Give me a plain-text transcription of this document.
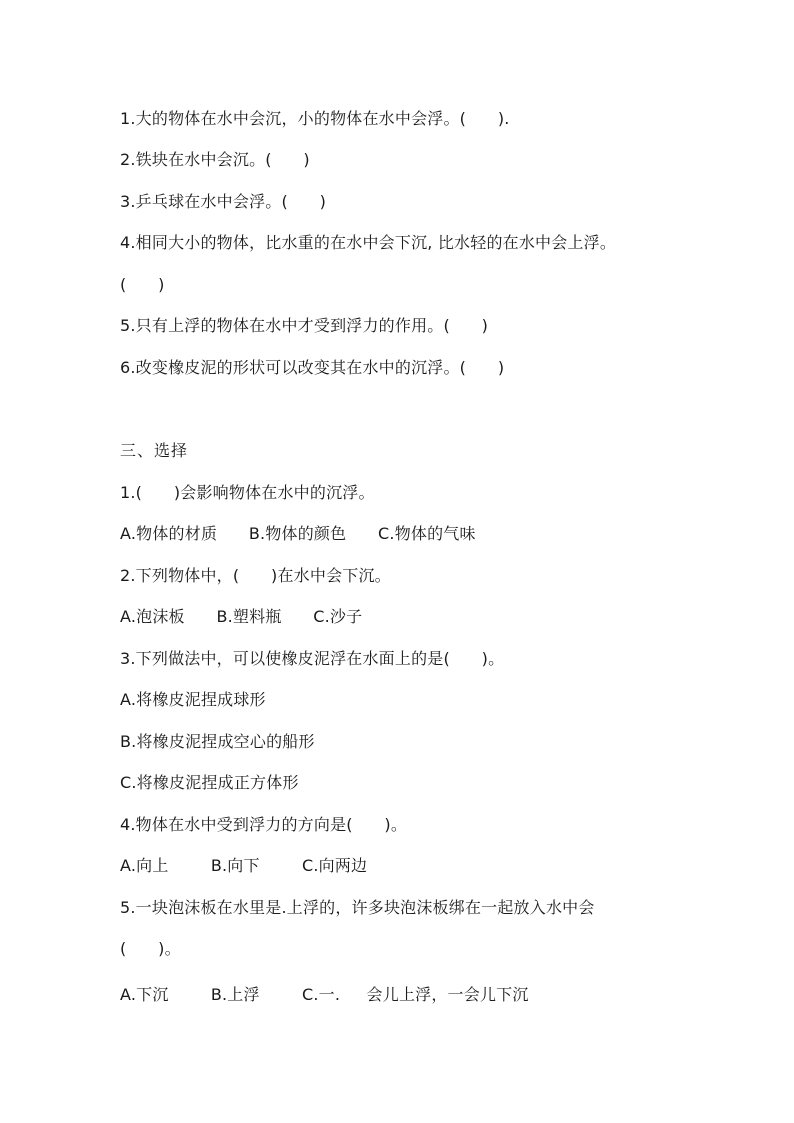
1.大的物体在水中会沉，小的物体在水中会浮。(      ).
2.铁块在水中会沉。(      )
3.乒乓球在水中会浮。(      )
4.相同大小的物体，比水重的在水中会下沉, 比水轻的在水中会上浮。
(      )
5.只有上浮的物体在水中才受到浮力的作用。(      )
6.改变橡皮泥的形状可以改变其在水中的沉浮。(      )
三、选择
1.(      )会影响物体在水中的沉浮。
A.物体的材质      B.物体的颜色      C.物体的气味
2.下列物体中，(      )在水中会下沉。
A.泡沫板      B.塑料瓶      C.沙子
3.下列做法中，可以使橡皮泥浮在水面上的是(      )。
A.将橡皮泥捏成球形
B.将橡皮泥捏成空心的船形
C.将橡皮泥捏成正方体形
4.物体在水中受到浮力的方向是(      )。
A.向上        B.向下        C.向两边
5.一块泡沫板在水里是.上浮的，许多块泡沫板绑在一起放入水中会
(      )。
A.下沉        B.上浮        C.一.     会儿上浮，一会儿下沉
